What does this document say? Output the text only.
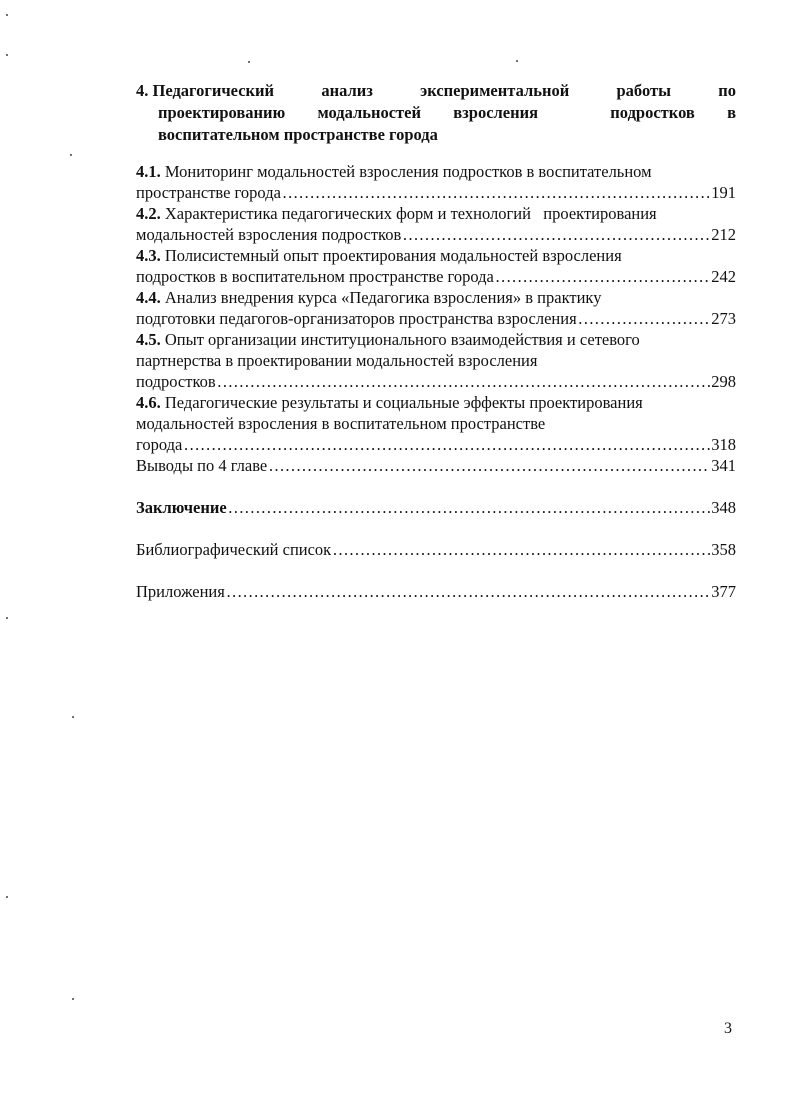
4. Педагогический	анализ	экспериментальной	работы	по
проектированию модальностей взросления	подростков в
воспитательном пространстве города
4.1. Мониторинг модальностей взросления подростков в воспитательном
пространстве города …………………………………………………………………………………………………………………………………………	191
4.2. Характеристика педагогических форм и технологий   проектирования
модальностей взросления подростков …………………………………………………………………………………………………………………………………………	212
4.3. Полисистемный опыт проектирования модальностей взросления
подростков в воспитательном пространстве города …………………………………………………………………………………………………………………………………………	242
4.4. Анализ внедрения курса «Педагогика взросления» в практику
подготовки педагогов-организаторов пространства взросления …………………………………………………………………………………………………………………………………………	273
4.5. Опыт организации институционального взаимодействия и сетевого
партнерства в проектировании модальностей взросления
подростков …………………………………………………………………………………………………………………………………………	298
4.6. Педагогические результаты и социальные эффекты проектирования
модальностей взросления в воспитательном пространстве
города …………………………………………………………………………………………………………………………………………	318
Выводы по 4 главе …………………………………………………………………………………………………………………………………………	341
Заключение …………………………………………………………………………………………………………………………………………	348
Библиографический список …………………………………………………………………………………………………………………………………………	358
Приложения …………………………………………………………………………………………………………………………………………	377
3
